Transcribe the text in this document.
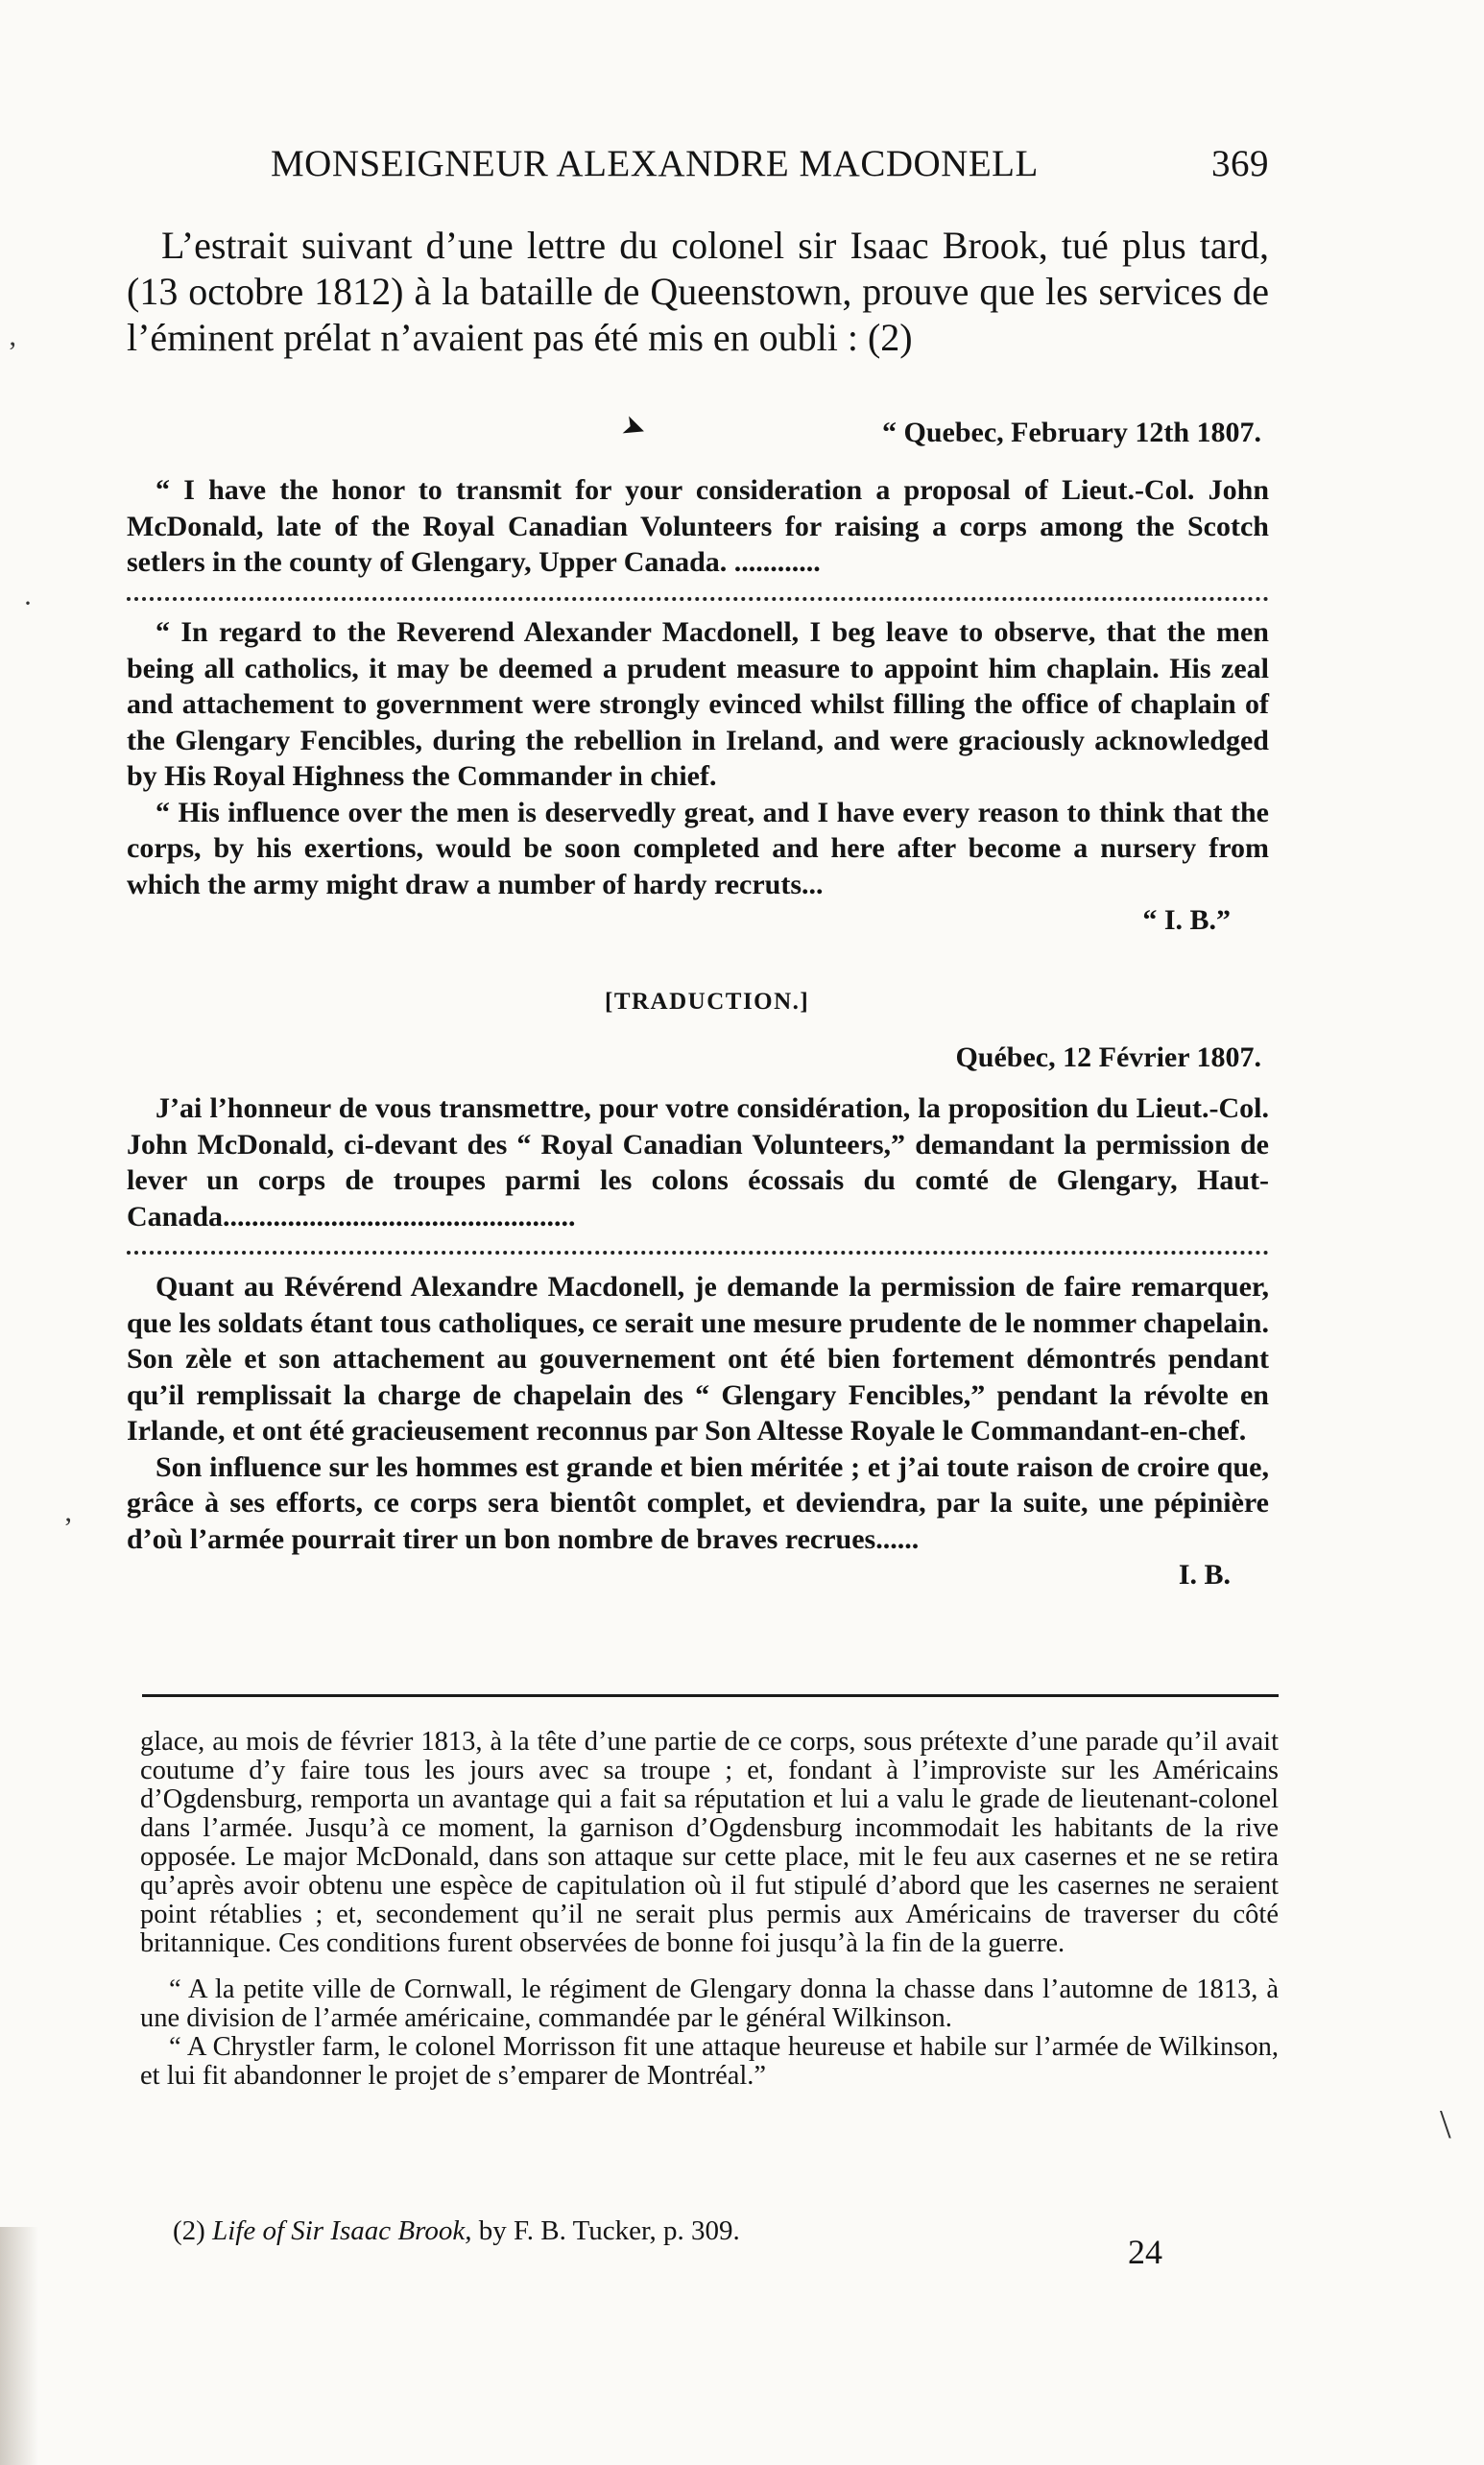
MONSEIGNEUR ALEXANDRE MACDONELL	369

L’estrait suivant d’une lettre du colonel sir Isaac Brook, tué plus tard, (13 octobre 1812) à la bataille de Queenstown, prouve que les services de l’éminent prélat n’avaient pas été mis en oubli : (2)

➤	“ Quebec, February 12th 1807.

“ I have the honor to transmit for your consideration a proposal of Lieut.-Col. John McDonald, late of the Royal Canadian Volunteers for raising a corps among the Scotch setlers in the county of Glengary, Upper Canada. ............

“ In regard to the Reverend Alexander Macdonell, I beg leave to observe, that the men being all catholics, it may be deemed a prudent measure to appoint him chaplain. His zeal and attachement to government were strongly evinced whilst filling the office of chaplain of the Glengary Fencibles, during the rebellion in Ireland, and were graciously acknowledged by His Royal Highness the Commander in chief.

“ His influence over the men is deservedly great, and I have every reason to think that the corps, by his exertions, would be soon completed and here after become a nursery from which the army might draw a number of hardy recruts...

“ I. B.”

[TRADUCTION.]
Québec, 12 Février 1807.

J’ai l’honneur de vous transmettre, pour votre considération, la proposition du Lieut.-Col. John McDonald, ci-devant des “ Royal Canadian Volunteers,” demandant la permission de lever un corps de troupes parmi les colons écossais du comté de Glengary, Haut-Canada.................................................

Quant au Révérend Alexandre Macdonell, je demande la permission de faire remarquer, que les soldats étant tous catholiques, ce serait une mesure prudente de le nommer chapelain. Son zèle et son attachement au gouvernement ont été bien fortement démontrés pendant qu’il remplissait la charge de chapelain des “ Glengary Fencibles,” pendant la révolte en Irlande, et ont été gracieusement reconnus par Son Altesse Royale le Commandant-en-chef.

Son influence sur les hommes est grande et bien méritée ; et j’ai toute raison de croire que, grâce à ses efforts, ce corps sera bientôt complet, et deviendra, par la suite, une pépinière d’où l’armée pourrait tirer un bon nombre de braves recrues......

I. B.

glace, au mois de février 1813, à la tête d’une partie de ce corps, sous prétexte d’une parade qu’il avait coutume d’y faire tous les jours avec sa troupe ; et, fondant à l’improviste sur les Américains d’Ogdensburg, remporta un avantage qui a fait sa réputation et lui a valu le grade de lieutenant-colonel dans l’armée. Jusqu’à ce moment, la garnison d’Ogdensburg incommodait les habitants de la rive opposée. Le major McDonald, dans son attaque sur cette place, mit le feu aux casernes et ne se retira qu’après avoir obtenu une espèce de capitulation où il fut stipulé d’abord que les casernes ne seraient point rétablies ; et, secondement qu’il ne serait plus permis aux Américains de traverser du côté britannique. Ces conditions furent observées de bonne foi jusqu’à la fin de la guerre.

“ A la petite ville de Cornwall, le régiment de Glengary donna la chasse dans l’automne de 1813, à une division de l’armée américaine, commandée par le général Wilkinson.

“ A Chrystler farm, le colonel Morrisson fit une attaque heureuse et habile sur l’armée de Wilkinson, et lui fit abandonner le projet de s’emparer de Montréal.”

(2) Life of Sir Isaac Brook, by F. B. Tucker, p. 309.
24
’
·
’
\
